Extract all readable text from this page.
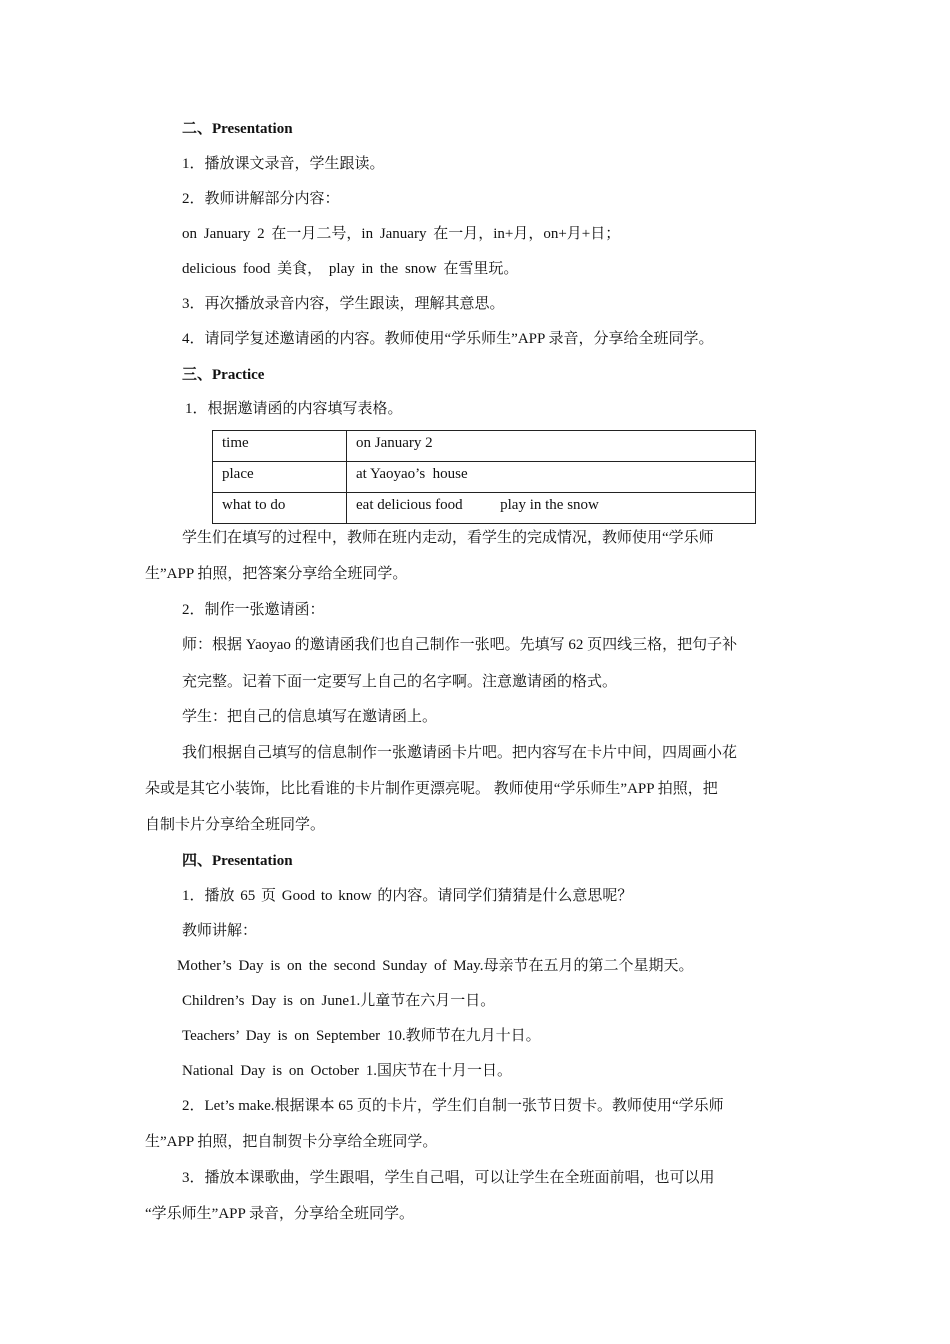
二、Presentation

1．播放课文录音，学生跟读。

2．教师讲解部分内容：

on January 2 在一月二号，in January 在一月，in+月，on+月+日；

delicious food 美食， play in the snow 在雪里玩。

3．再次播放录音内容，学生跟读，理解其意思。

4．请同学复述邀请函的内容。教师使用“学乐师生”APP 录音，分享给全班同学。

三、Practice

1．根据邀请函的内容填写表格。

time	on January 2
place	at Yaoyao’s  house
what to do	eat delicious food          play in the snow

学生们在填写的过程中，教师在班内走动，看学生的完成情况，教师使用“学乐师

生”APP 拍照，把答案分享给全班同学。

2．制作一张邀请函：

师：根据 Yaoyao 的邀请函我们也自己制作一张吧。先填写 62 页四线三格，把句子补

充完整。记着下面一定要写上自己的名字啊。注意邀请函的格式。

学生：把自己的信息填写在邀请函上。

我们根据自己填写的信息制作一张邀请函卡片吧。把内容写在卡片中间，四周画小花

朵或是其它小装饰，比比看谁的卡片制作更漂亮呢。 教师使用“学乐师生”APP 拍照，把

自制卡片分享给全班同学。

四、Presentation

1．播放 65 页 Good to know 的内容。请同学们猜猜是什么意思呢？

教师讲解：

Mother’s Day is on the second Sunday of May.母亲节在五月的第二个星期天。

Children’s Day is on June1.儿童节在六月一日。

Teachers’ Day is on September 10.教师节在九月十日。

National Day is on October 1.国庆节在十月一日。

2．Let’s make.根据课本 65 页的卡片，学生们自制一张节日贺卡。教师使用“学乐师

生”APP 拍照，把自制贺卡分享给全班同学。

3．播放本课歌曲，学生跟唱，学生自己唱，可以让学生在全班面前唱，也可以用

“学乐师生”APP 录音，分享给全班同学。
